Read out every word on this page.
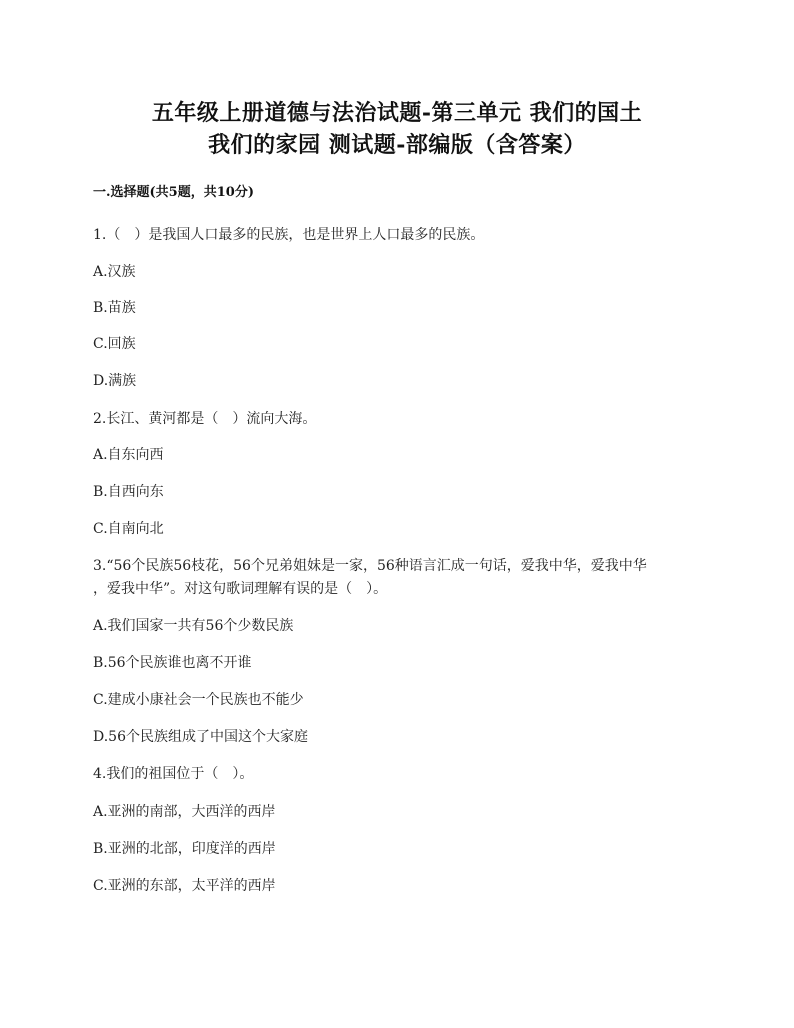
五年级上册道德与法治试题-第三单元 我们的国土
我们的家园 测试题-部编版（含答案）
一.选择题(共5题，共10分)
1.（　）是我国人口最多的民族，也是世界上人口最多的民族。
A.汉族
B.苗族
C.回族
D.满族
2.长江、黄河都是（　）流向大海。
A.自东向西
B.自西向东
C.自南向北
3.“56个民族56枝花，56个兄弟姐妹是一家，56种语言汇成一句话，爱我中华，爱我中华
，爱我中华”。对这句歌词理解有误的是（　）。
A.我们国家一共有56个少数民族
B.56个民族谁也离不开谁
C.建成小康社会一个民族也不能少
D.56个民族组成了中国这个大家庭
4.我们的祖国位于（　）。
A.亚洲的南部，大西洋的西岸
B.亚洲的北部，印度洋的西岸
C.亚洲的东部，太平洋的西岸
